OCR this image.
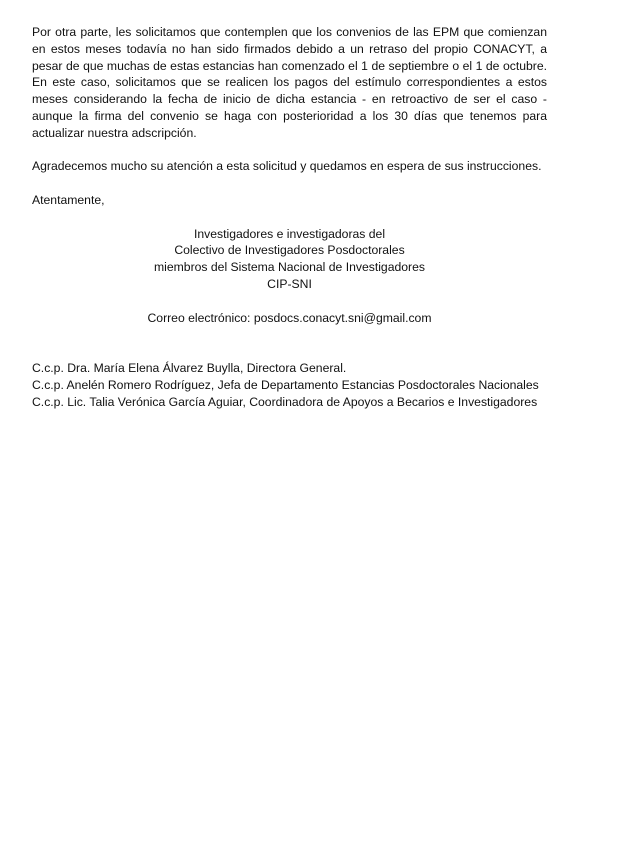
Por otra parte, les solicitamos que contemplen que los convenios de las EPM que comienzan en estos meses todavía no han sido firmados debido a un retraso del propio CONACYT, a pesar de que muchas de estas estancias han comenzado el 1 de septiembre o el 1 de octubre. En este caso, solicitamos que se realicen los pagos del estímulo correspondientes a estos meses considerando la fecha de inicio de dicha estancia - en retroactivo de ser el caso - aunque la firma del convenio se haga con posterioridad a los 30 días que tenemos para actualizar nuestra adscripción.

Agradecemos mucho su atención a esta solicitud y quedamos en espera de sus instrucciones.

Atentamente,

Investigadores e investigadoras del
Colectivo de Investigadores Posdoctorales
miembros del Sistema Nacional de Investigadores
CIP-SNI
Correo electrónico: posdocs.conacyt.sni@gmail.com
C.c.p. Dra. María Elena Álvarez Buylla, Directora General.
C.c.p. Anelén Romero Rodríguez, Jefa de Departamento Estancias Posdoctorales Nacionales
C.c.p. Lic. Talia Verónica García Aguiar, Coordinadora de Apoyos a Becarios e Investigadores
